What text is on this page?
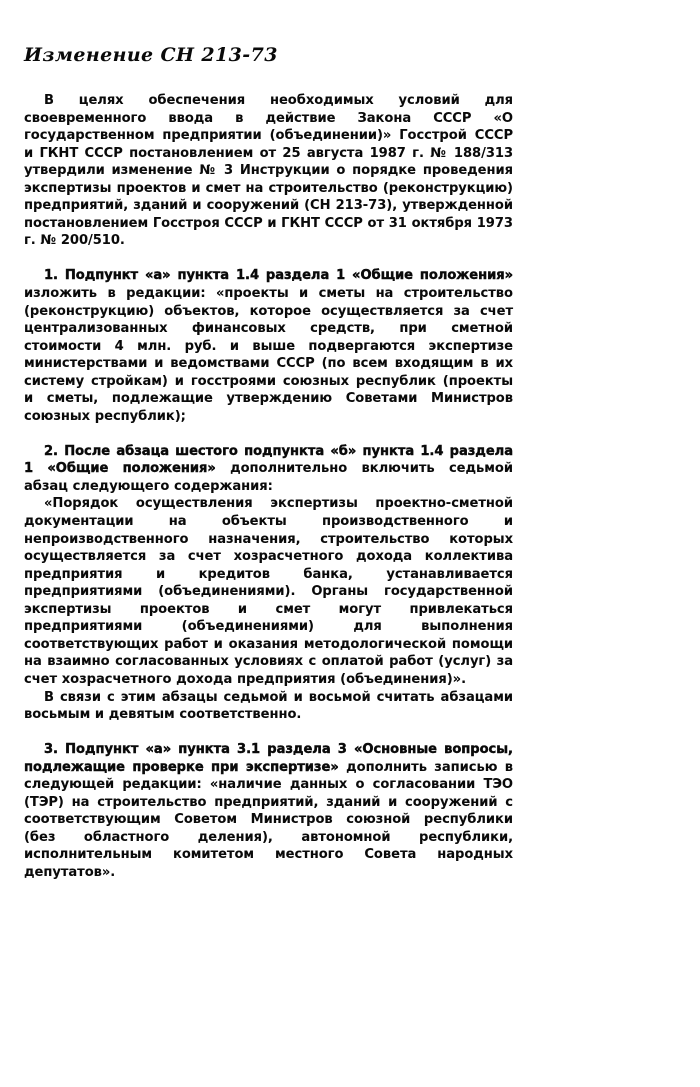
Изменение СН 213-73

В целях обеспечения необходимых условий для своевременного ввода в действие Закона СССР «О государственном предприятии (объединении)» Госстрой СССР и ГКНТ СССР постановлением от 25 августа 1987 г. № 188/313 утвердили изменение № 3 Инструкции о порядке проведения экспертизы проектов и смет на строительство (реконструкцию) предприятий, зданий и сооружений (СН 213-73), утвержденной постановлением Госстроя СССР и ГКНТ СССР от 31 октября 1973 г. № 200/510.

1. Подпункт «а» пункта 1.4 раздела 1 «Общие положения» изложить в редакции: «проекты и сметы на строительство (реконструкцию) объектов, которое осуществляется за счет централизованных финансовых средств, при сметной стоимости 4 млн. руб. и выше подвергаются экспертизе министерствами и ведомствами СССР (по всем входящим в их систему стройкам) и госстроями союзных республик (проекты и сметы, подлежащие утверждению Советами Министров союзных республик);

2. После абзаца шестого подпункта «б» пункта 1.4 раздела 1 «Общие положения» дополнительно включить седьмой абзац следующего содержания:

«Порядок осуществления экспертизы проектно-сметной документации на объекты производственного и непроизводственного назначения, строительство которых осуществляется за счет хозрасчетного дохода коллектива предприятия и кредитов банка, устанавливается предприятиями (объединениями). Органы государственной экспертизы проектов и смет могут привлекаться предприятиями (объединениями) для выполнения соответствующих работ и оказания методологической помощи на взаимно согласованных условиях с оплатой работ (услуг) за счет хозрасчетного дохода предприятия (объединения)».

В связи с этим абзацы седьмой и восьмой считать абзацами восьмым и девятым соответственно.

3. Подпункт «а» пункта 3.1 раздела 3 «Основные вопросы, подлежащие проверке при экспертизе» дополнить записью в следующей редакции: «наличие данных о согласовании ТЭО (ТЭР) на строительство предприятий, зданий и сооружений с соответствующим Советом Министров союзной республики (без областного деления), автономной республики, исполнительным комитетом местного Совета народных депутатов».
